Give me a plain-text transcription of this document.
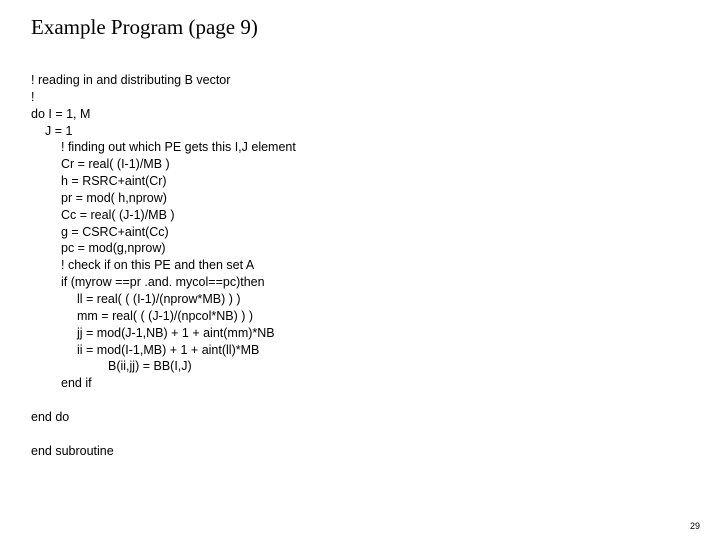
Example Program (page 9)
! reading in and distributing B vector
!
do I = 1, M
J = 1
! finding out which PE gets this I,J element
Cr = real( (I-1)/MB )
h = RSRC+aint(Cr)
pr = mod( h,nprow)
Cc = real( (J-1)/MB )
g = CSRC+aint(Cc)
pc = mod(g,nprow)
! check if on this PE and then set A
if (myrow ==pr .and. mycol==pc)then
ll = real( ( (I-1)/(nprow*MB) ) )
mm = real( ( (J-1)/(npcol*NB) ) )
jj = mod(J-1,NB) + 1 + aint(mm)*NB
ii = mod(I-1,MB) + 1 + aint(ll)*MB
B(ii,jj) = BB(I,J)
end if
end do
end subroutine
29
